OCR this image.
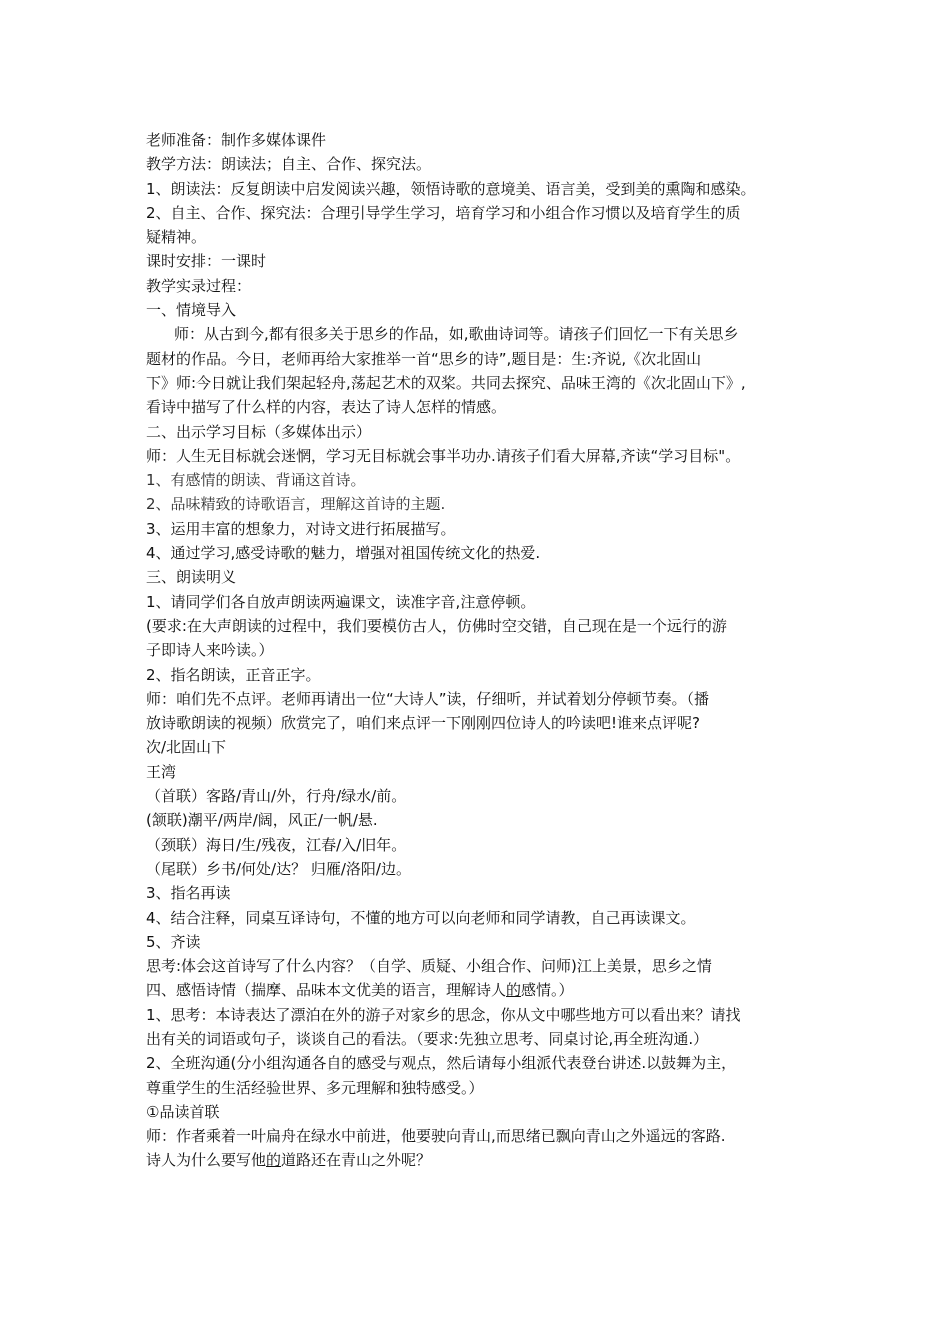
老师准备：制作多媒体课件
教学方法：朗读法；自主、合作、探究法。
1、朗读法：反复朗读中启发阅读兴趣，领悟诗歌的意境美、语言美，受到美的熏陶和感染。
2、自主、合作、探究法：合理引导学生学习，培育学习和小组合作习惯以及培育学生的质
疑精神。
课时安排：一课时
教学实录过程：
一、情境导入
师：从古到今,都有很多关于思乡的作品，如,歌曲诗词等。请孩子们回忆一下有关思乡
题材的作品。今日，老师再给大家推举一首“思乡的诗”,题目是：生:齐说,《次北固山
下》师:今日就让我们架起轻舟,荡起艺术的双桨。共同去探究、品味王湾的《次北固山下》,
看诗中描写了什么样的内容，表达了诗人怎样的情感。
二、出示学习目标（多媒体出示）
师：人生无目标就会迷惘，学习无目标就会事半功办.请孩子们看大屏幕,齐读“学习目标"。
1、有感情的朗读、背诵这首诗。
2、品味精致的诗歌语言，理解这首诗的主题.
3、运用丰富的想象力，对诗文进行拓展描写。
4、通过学习,感受诗歌的魅力，增强对祖国传统文化的热爱.
三、朗读明义
1、请同学们各自放声朗读两遍课文，读准字音,注意停顿。
(要求:在大声朗读的过程中，我们要模仿古人，仿佛时空交错，自己现在是一个远行的游
子即诗人来吟读。）
2、指名朗读，正音正字。
师：咱们先不点评。老师再请出一位“大诗人”读，仔细听，并试着划分停顿节奏。（播
放诗歌朗读的视频）欣赏完了，咱们来点评一下刚刚四位诗人的吟读吧!谁来点评呢?
次/北固山下
王湾
（首联）客路/青山/外，行舟/绿水/前。
(颔联)潮平/两岸/阔，风正/一帆/悬.
（颈联）海日/生/残夜，江春/入/旧年。
（尾联）乡书/何处/达？ 归雁/洛阳/边。
3、指名再读
4、结合注释，同桌互译诗句，不懂的地方可以向老师和同学请教，自己再读课文。
5、齐读
思考:体会这首诗写了什么内容？（自学、质疑、小组合作、问师)江上美景，思乡之情
四、感悟诗情（揣摩、品味本文优美的语言，理解诗人的感情。）
1、思考：本诗表达了漂泊在外的游子对家乡的思念，你从文中哪些地方可以看出来？请找
出有关的词语或句子，谈谈自己的看法。（要求:先独立思考、同桌讨论,再全班沟通.）
2、全班沟通(分小组沟通各自的感受与观点，然后请每小组派代表登台讲述.以鼓舞为主，
尊重学生的生活经验世界、多元理解和独特感受。）
①品读首联
师：作者乘着一叶扁舟在绿水中前进，他要驶向青山,而思绪已飘向青山之外遥远的客路.
诗人为什么要写他的道路还在青山之外呢？
